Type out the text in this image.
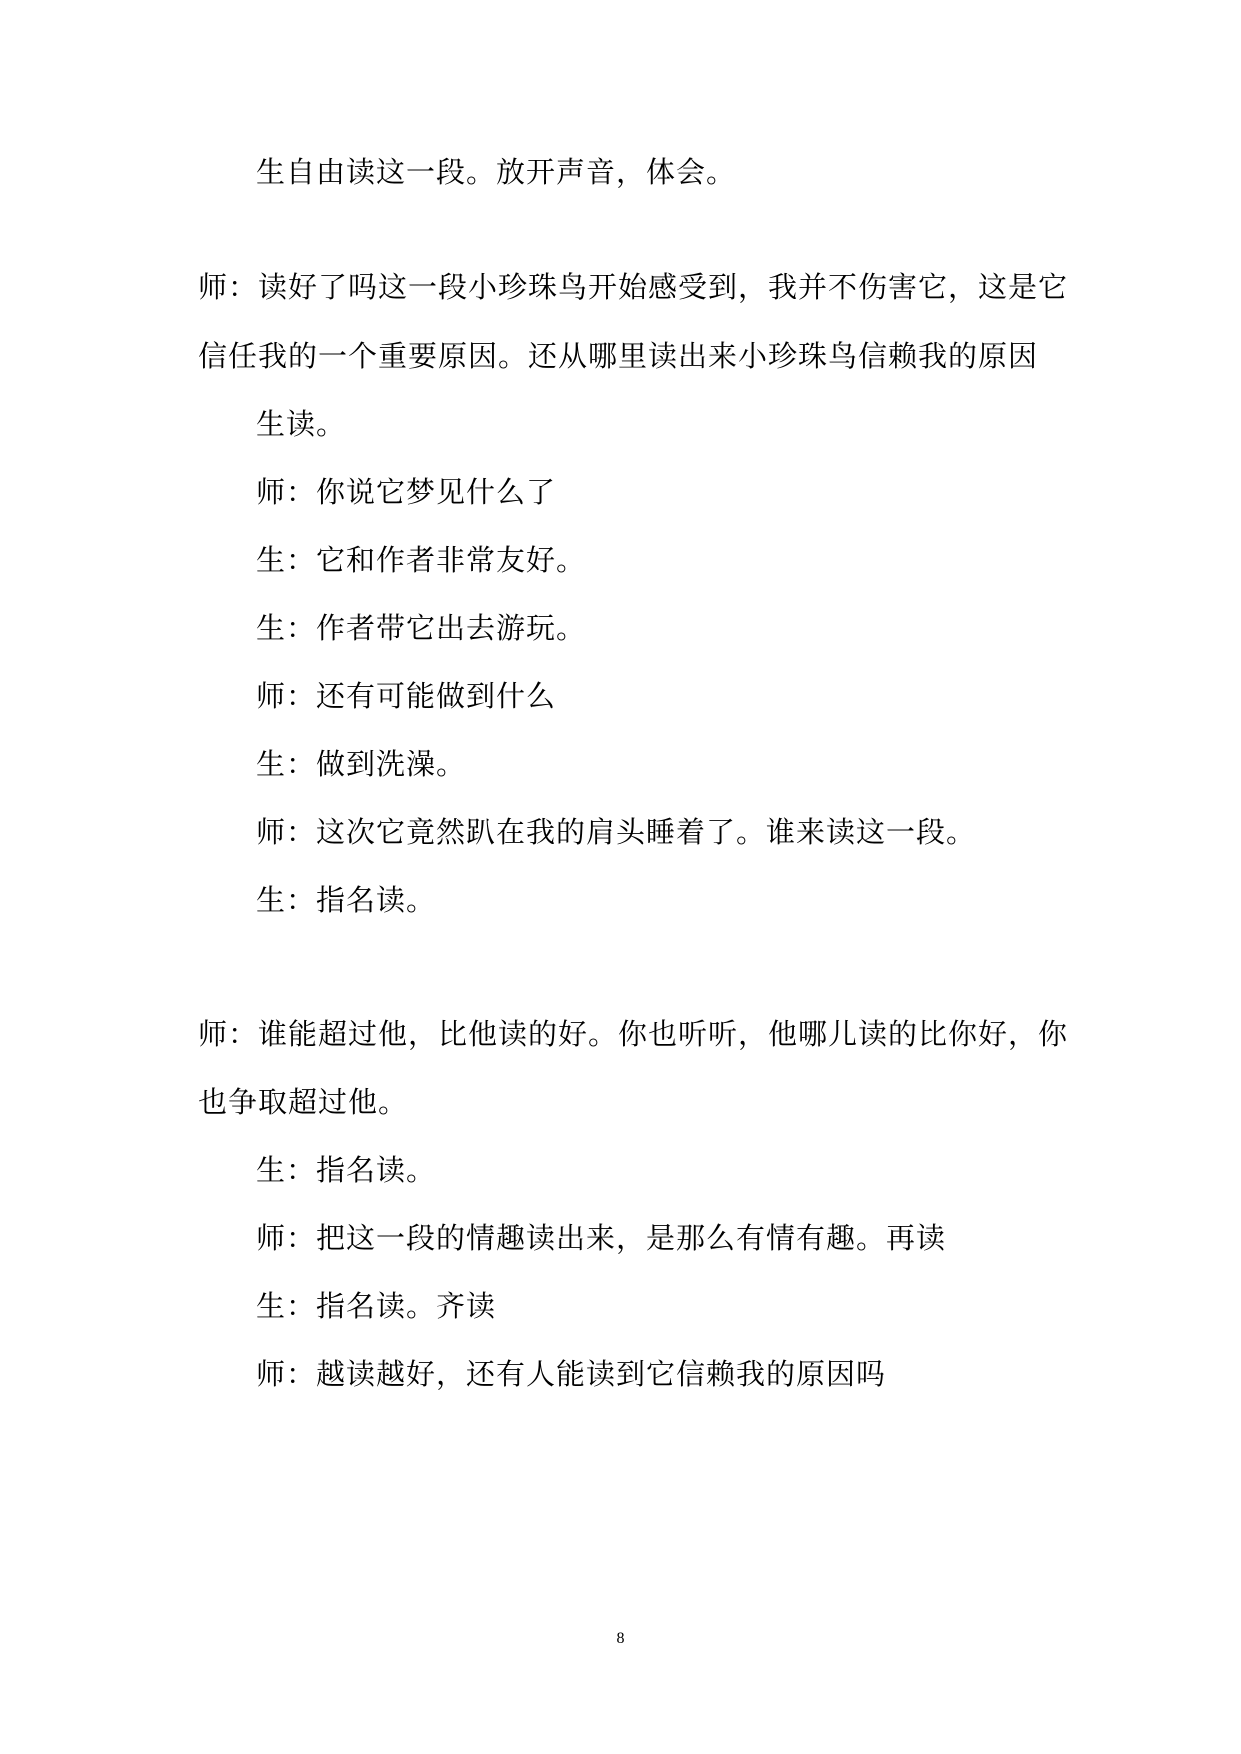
生自由读这一段。放开声音，体会。
师：读好了吗这一段小珍珠鸟开始感受到，我并不伤害它，这是它
信任我的一个重要原因。还从哪里读出来小珍珠鸟信赖我的原因
生读。
师：你说它梦见什么了
生：它和作者非常友好。
生：作者带它出去游玩。
师：还有可能做到什么
生：做到洗澡。
师：这次它竟然趴在我的肩头睡着了。谁来读这一段。
生：指名读。
师：谁能超过他，比他读的好。你也听听，他哪儿读的比你好，你
也争取超过他。
生：指名读。
师：把这一段的情趣读出来，是那么有情有趣。再读
生：指名读。齐读
师：越读越好，还有人能读到它信赖我的原因吗
8
